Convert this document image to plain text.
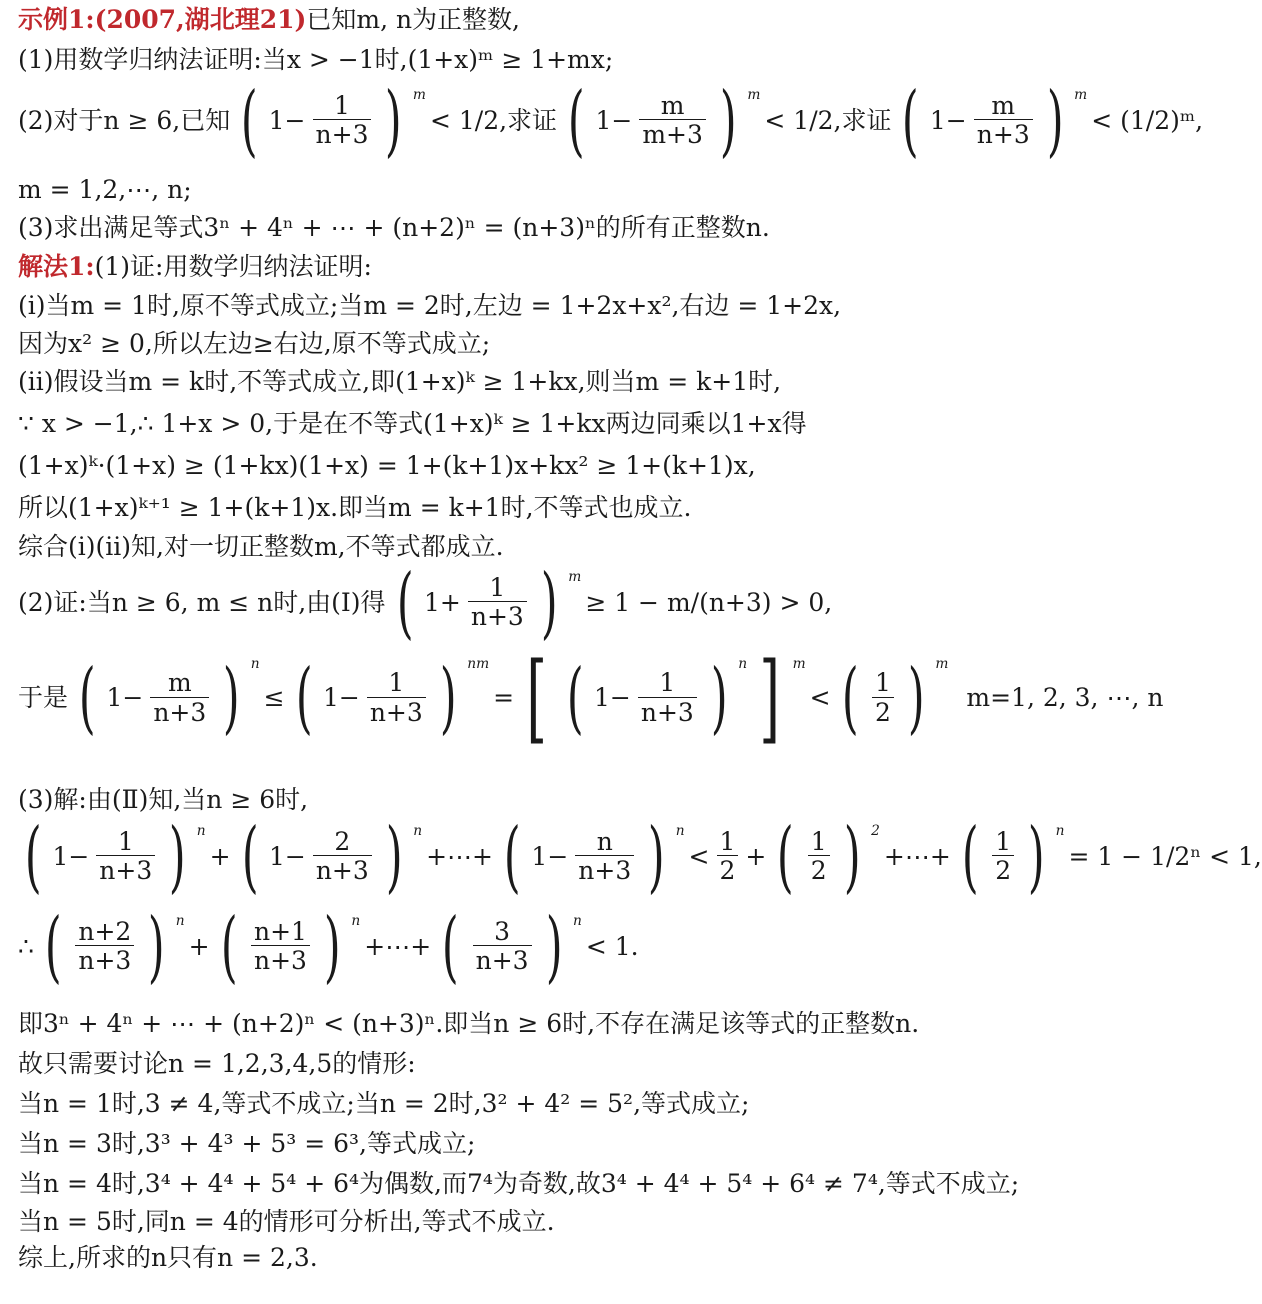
示例1:(2007,湖北理21)已知m, n为正整数,
(1)用数学归纳法证明:当x > −1时,(1+x)ᵐ ≥ 1+mx;
(2)对于n ≥ 6,已知 ( $1- \frac{1}{n+3}$ ) m
< 1/2,求证 ( $1- \frac{m}{m+3}$ ) m
< 1/2,求证 ( $1- \frac{m}{n+3}$ ) m
< (1/2)ᵐ,
m = 1,2,⋯, n;
(3)求出满足等式3ⁿ + 4ⁿ + ⋯ + (n+2)ⁿ = (n+3)ⁿ的所有正整数n.
解法1:(1)证:用数学归纳法证明:
(ⅰ)当m = 1时,原不等式成立;当m = 2时,左边 = 1+2x+x²,右边 = 1+2x,
因为x² ≥ 0,所以左边≥右边,原不等式成立;
(ⅱ)假设当m = k时,不等式成立,即(1+x)ᵏ ≥ 1+kx,则当m = k+1时,
∵ x > −1,∴ 1+x > 0,于是在不等式(1+x)ᵏ ≥ 1+kx两边同乘以1+x得
(1+x)ᵏ·(1+x) ≥ (1+kx)(1+x) = 1+(k+1)x+kx² ≥ 1+(k+1)x,
所以(1+x)ᵏ⁺¹ ≥ 1+(k+1)x.即当m = k+1时,不等式也成立.
综合(ⅰ)(ⅱ)知,对一切正整数m,不等式都成立.
(2)证:当n ≥ 6, m ≤ n时,由(Ⅰ)得 ( $1+ \frac{1}{n+3}$ ) m
≥ 1 − m/(n+3) > 0,
于是 ( $1- \frac{m}{n+3}$ ) n
≤ ( $1- \frac{1}{n+3}$ ) nm
= [ ( $1- \frac{1}{n+3}$ ) n ] m
< ( $\frac{1}{2}$ ) m
m=1, 2, 3, ⋯, n
(3)解:由(Ⅱ)知,当n ≥ 6时,
( $1- \frac{1}{n+3}$ ) n
+ ( $1- \frac{2}{n+3}$ ) n
+⋯+ ( $1- \frac{n}{n+3}$ ) n
< $\frac{1}{2}$ + ( $\frac{1}{2}$ ) 2
+⋯+ ( $\frac{1}{2}$ ) n
= 1 − 1/2ⁿ < 1,
∴ ( $\frac{n+2}{n+3}$ ) n
+ ( $\frac{n+1}{n+3}$ ) n
+⋯+ ( $\frac{3}{n+3}$ ) n
< 1.
即3ⁿ + 4ⁿ + ⋯ + (n+2)ⁿ < (n+3)ⁿ.即当n ≥ 6时,不存在满足该等式的正整数n.
故只需要讨论n = 1,2,3,4,5的情形:
当n = 1时,3 ≠ 4,等式不成立;当n = 2时,3² + 4² = 5²,等式成立;
当n = 3时,3³ + 4³ + 5³ = 6³,等式成立;
当n = 4时,3⁴ + 4⁴ + 5⁴ + 6⁴为偶数,而7⁴为奇数,故3⁴ + 4⁴ + 5⁴ + 6⁴ ≠ 7⁴,等式不成立;
当n = 5时,同n = 4的情形可分析出,等式不成立.
综上,所求的n只有n = 2,3.
